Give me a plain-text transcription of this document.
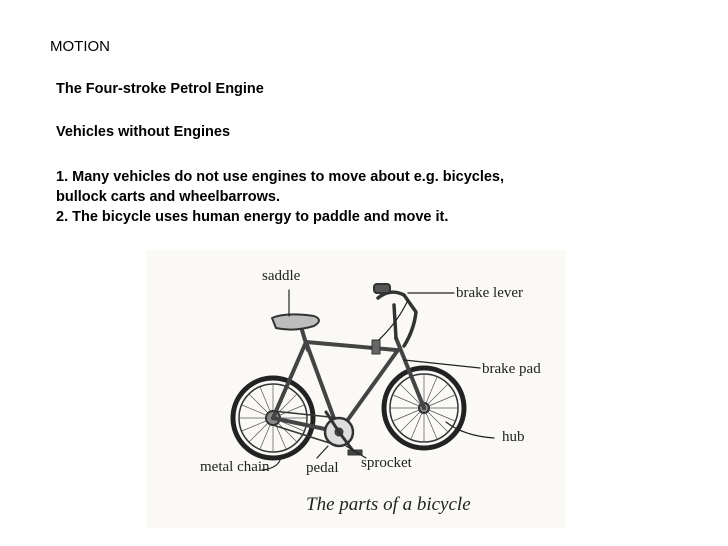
MOTION
The Four-stroke Petrol Engine
Vehicles without Engines
1. Many vehicles do not use engines to move about e.g. bicycles,
bullock carts and wheelbarrows.
2. The bicycle uses human energy to paddle and move it.
saddle
brake lever
brake pad
hub
metal chain pedal sprocket
The parts of a bicycle
